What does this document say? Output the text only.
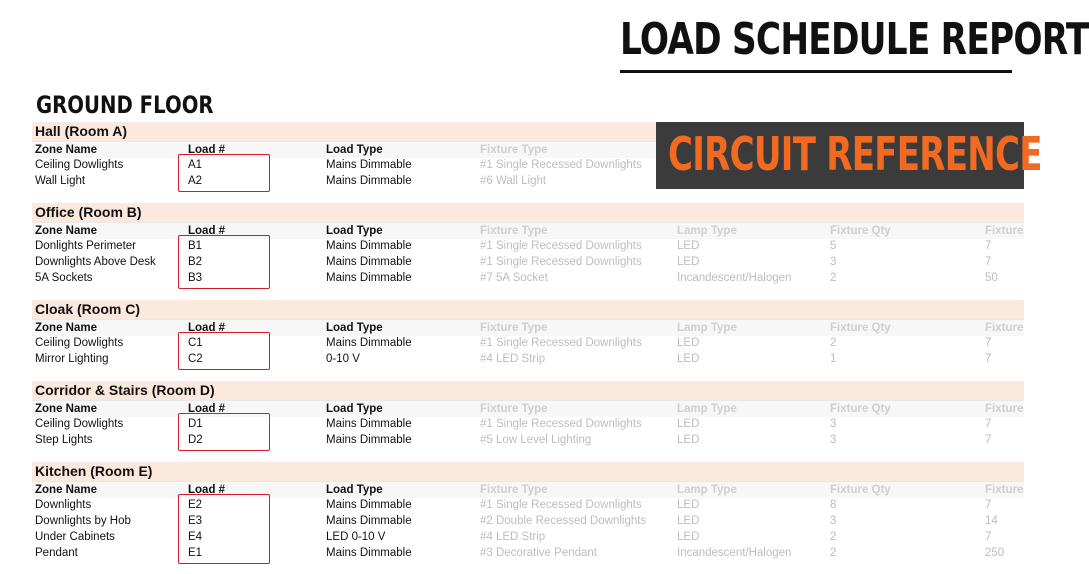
LOAD SCHEDULE REPORT
GROUND FLOOR
Hall (Room A)
Zone Name	Load #	Load Type	Fixture Type
Ceiling Dowlights	A1	Mains Dimmable	#1 Single Recessed Downlights
Wall Light	A2	Mains Dimmable	#6 Wall Light
Office (Room B)
Zone Name	Load #	Load Type	Fixture Type	Lamp Type	Fixture Qty	Fixture
Donlights Perimeter	B1	Mains Dimmable	#1 Single Recessed Downlights	LED	5	7
Downlights Above Desk	B2	Mains Dimmable	#1 Single Recessed Downlights	LED	3	7
5A Sockets	B3	Mains Dimmable	#7 5A Socket	Incandescent/Halogen	2	50
Cloak (Room C)
Zone Name	Load #	Load Type	Fixture Type	Lamp Type	Fixture Qty	Fixture
Ceiling Dowlights	C1	Mains Dimmable	#1 Single Recessed Downlights	LED	2	7
Mirror Lighting	C2	0-10 V	#4 LED Strip	LED	1	7
Corridor & Stairs (Room D)
Zone Name	Load #	Load Type	Fixture Type	Lamp Type	Fixture Qty	Fixture
Ceiling Dowlights	D1	Mains Dimmable	#1 Single Recessed Downlights	LED	3	7
Step Lights	D2	Mains Dimmable	#5 Low Level Lighting	LED	3	7
Kitchen (Room E)
Zone Name	Load #	Load Type	Fixture Type	Lamp Type	Fixture Qty	Fixture
Downlights	E2	Mains Dimmable	#1 Single Recessed Downlights	LED	8	7
Downlights by Hob	E3	Mains Dimmable	#2 Double Recessed Downlights	LED	3	14
Under Cabinets	E4	LED 0-10 V	#4 LED Strip	LED	2	7
Pendant	E1	Mains Dimmable	#3 Decorative Pendant	Incandescent/Halogen	2	250
CIRCUIT REFERENCE
